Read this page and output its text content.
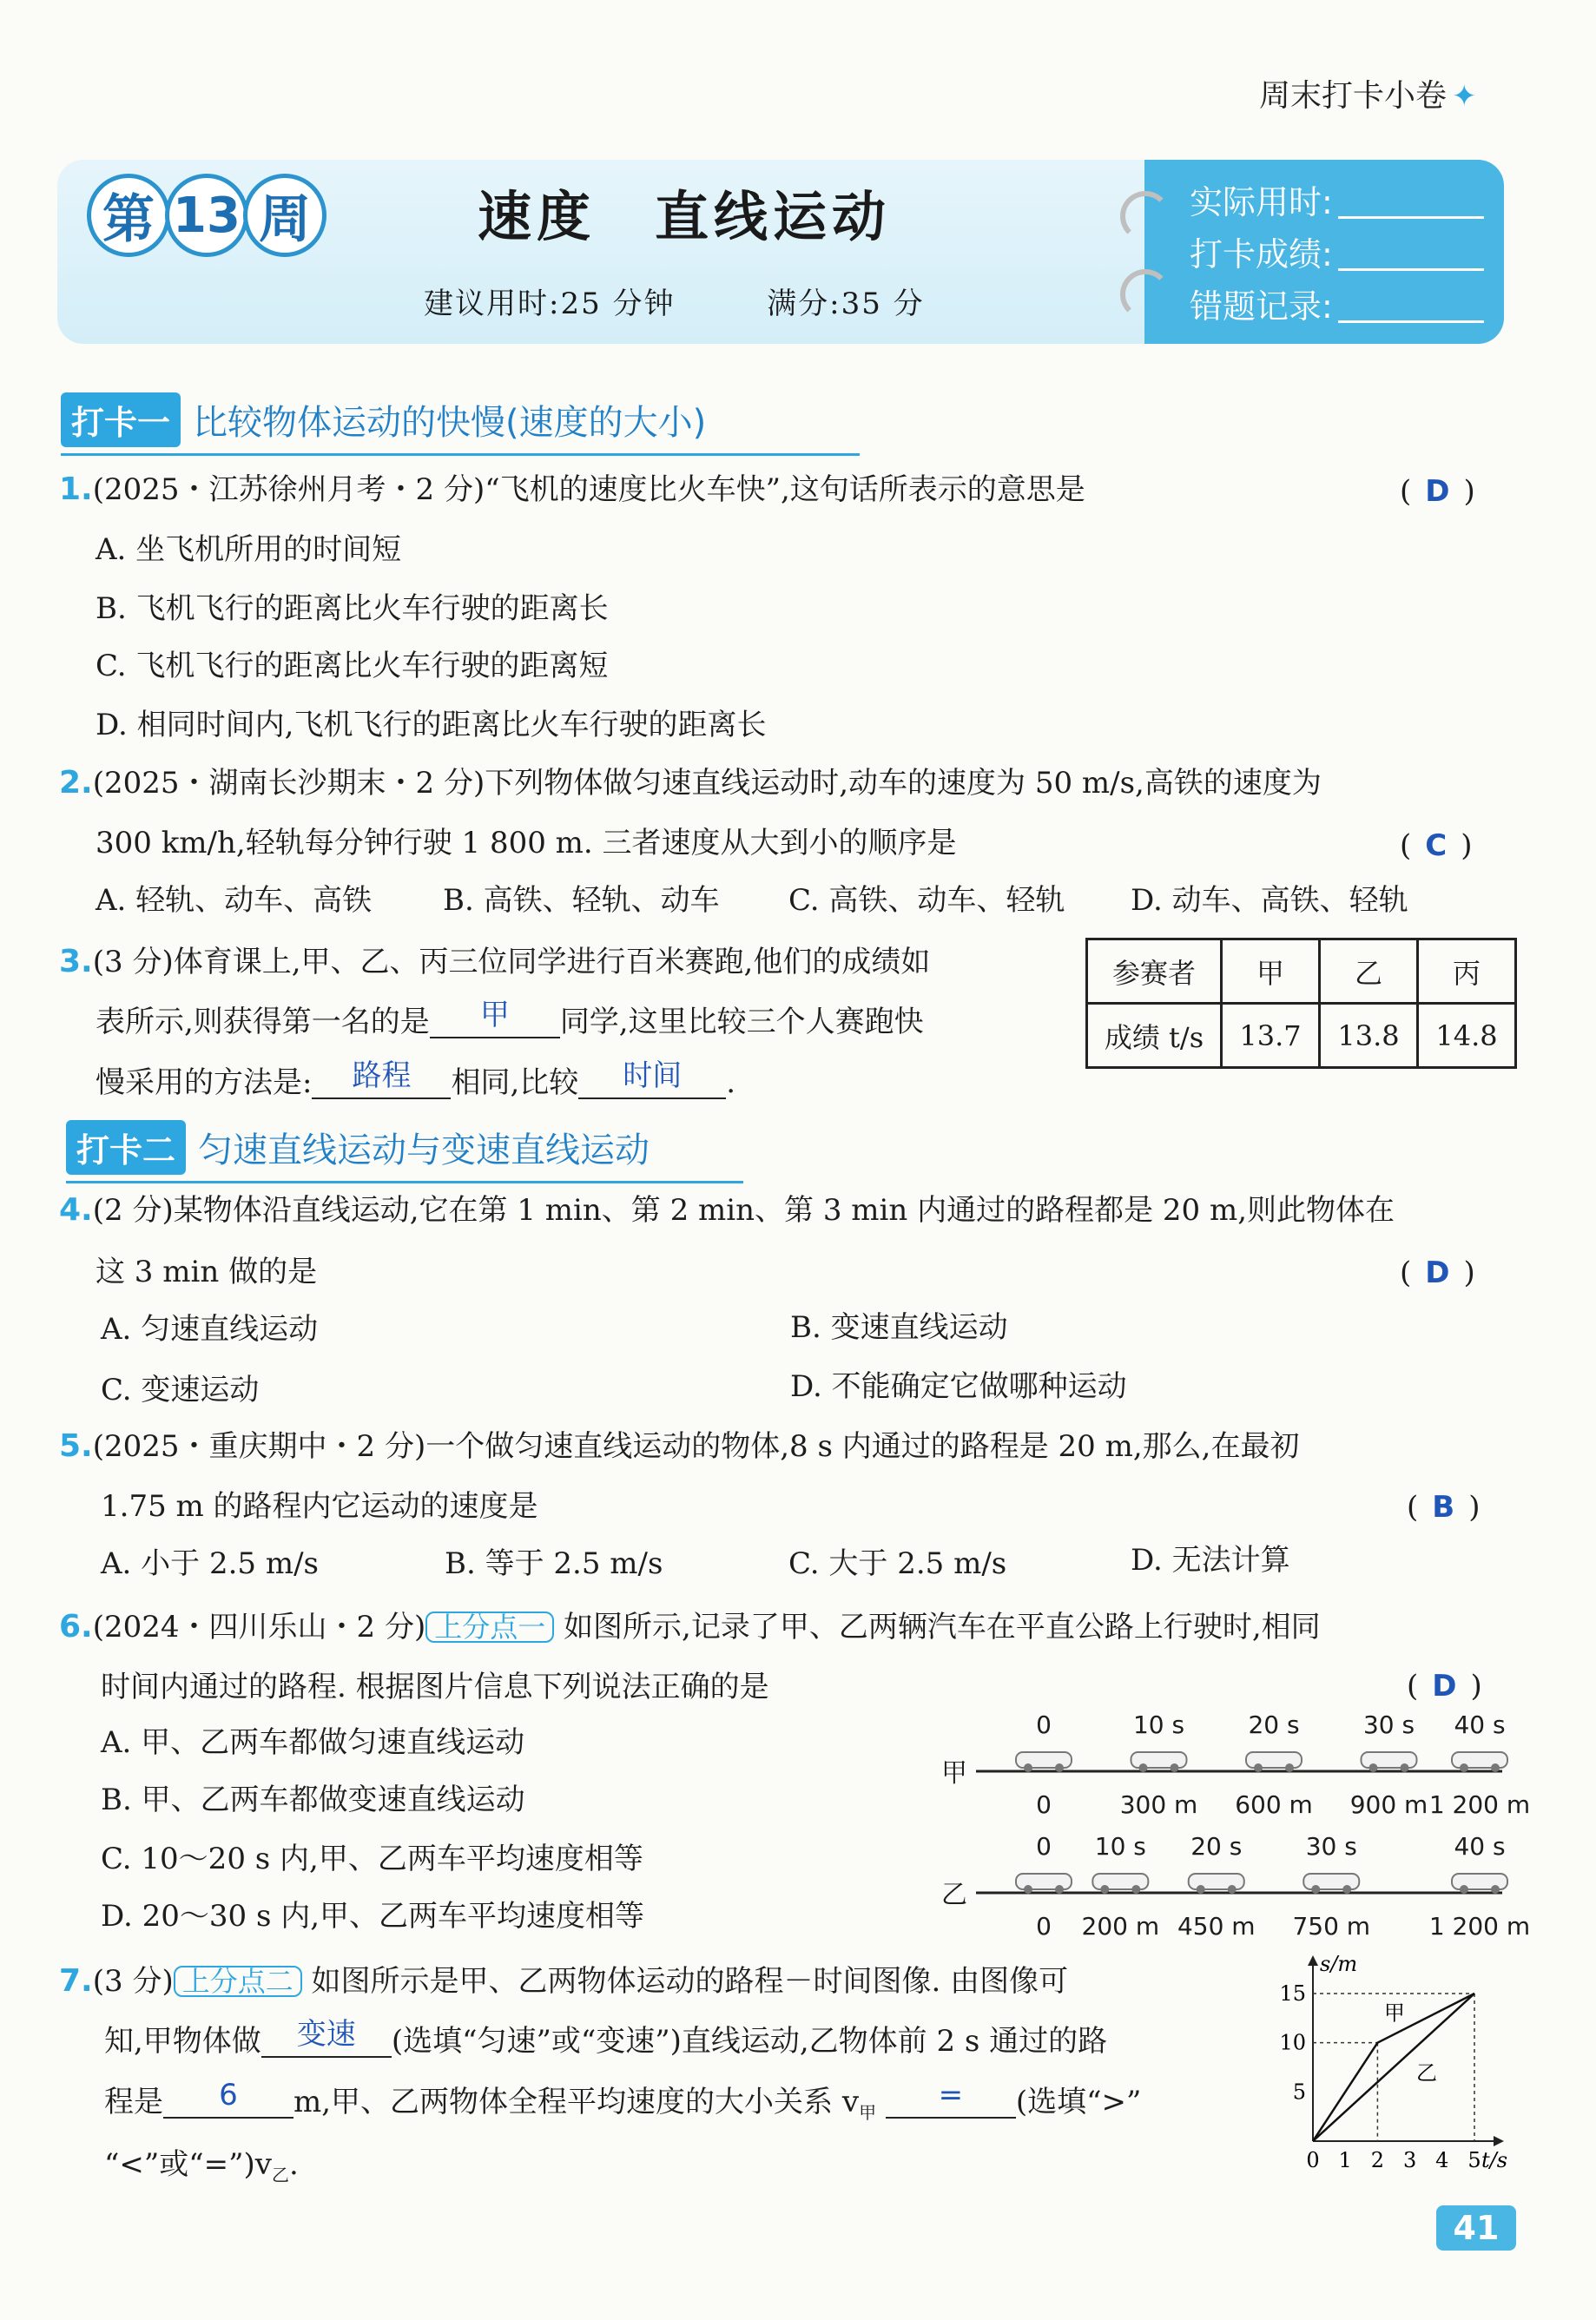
周末打卡小卷 ✦
第 13 周	速度　直线运动
建议用时:25 分钟	满分:35 分
实际用时:
打卡成绩:
错题记录:
打卡一 比较物体运动的快慢(速度的大小)
1.(2025・江苏徐州月考・2 分)“飞机的速度比火车快”,这句话所表示的意思是	( D )
A. 坐飞机所用的时间短
B. 飞机飞行的距离比火车行驶的距离长
C. 飞机飞行的距离比火车行驶的距离短
D. 相同时间内,飞机飞行的距离比火车行驶的距离长
2.(2025・湖南长沙期末・2 分)下列物体做匀速直线运动时,动车的速度为 50 m/s,高铁的速度为
300 km/h,轻轨每分钟行驶 1 800 m. 三者速度从大到小的顺序是	( C )
A. 轻轨、动车、高铁 B. 高铁、轻轨、动车 C. 高铁、动车、轻轨 D. 动车、高铁、轻轨
3.(3 分)体育课上,甲、乙、丙三位同学进行百米赛跑,他们的成绩如
表所示,则获得第一名的是 甲 同学,这里比较三个人赛跑快
慢采用的方法是: 路程 相同,比较 时间 .
参赛者	甲	乙	丙
成绩 t/s	13.7	13.8	14.8
打卡二 匀速直线运动与变速直线运动
4.(2 分)某物体沿直线运动,它在第 1 min、第 2 min、第 3 min 内通过的路程都是 20 m,则此物体在
这 3 min 做的是	( D )
A. 匀速直线运动	B. 变速直线运动
C. 变速运动	D. 不能确定它做哪种运动
5.(2025・重庆期中・2 分)一个做匀速直线运动的物体,8 s 内通过的路程是 20 m,那么,在最初
1.75 m 的路程内它运动的速度是	( B )
A. 小于 2.5 m/s	B. 等于 2.5 m/s	C. 大于 2.5 m/s	D. 无法计算
6.(2024・四川乐山・2 分) 上分点一 如图所示,记录了甲、乙两辆汽车在平直公路上行驶时,相同
时间内通过的路程. 根据图片信息下列说法正确的是	( D )
A. 甲、乙两车都做匀速直线运动
B. 甲、乙两车都做变速直线运动
C. 10～20 s 内,甲、乙两车平均速度相等
D. 20～30 s 内,甲、乙两车平均速度相等
甲
0
0
10 s
300 m
20 s
600 m
30 s
900 m
40 s
1 200 m
乙
0
0
10 s
200 m
20 s
450 m
30 s
750 m
40 s
1 200 m
7.(3 分) 上分点二 如图所示是甲、乙两物体运动的路程－时间图像. 由图像可
知,甲物体做 变速 (选填“匀速”或“变速”)直线运动,乙物体前 2 s 通过的路
程是 6 m,甲、乙两物体全程平均速度的大小关系 $v_甲$ = (选填“>”
“<”或“$=”)v_乙$.
s/m
t/s
0 1 2 3 4 5
5
10
15
甲
乙
41
